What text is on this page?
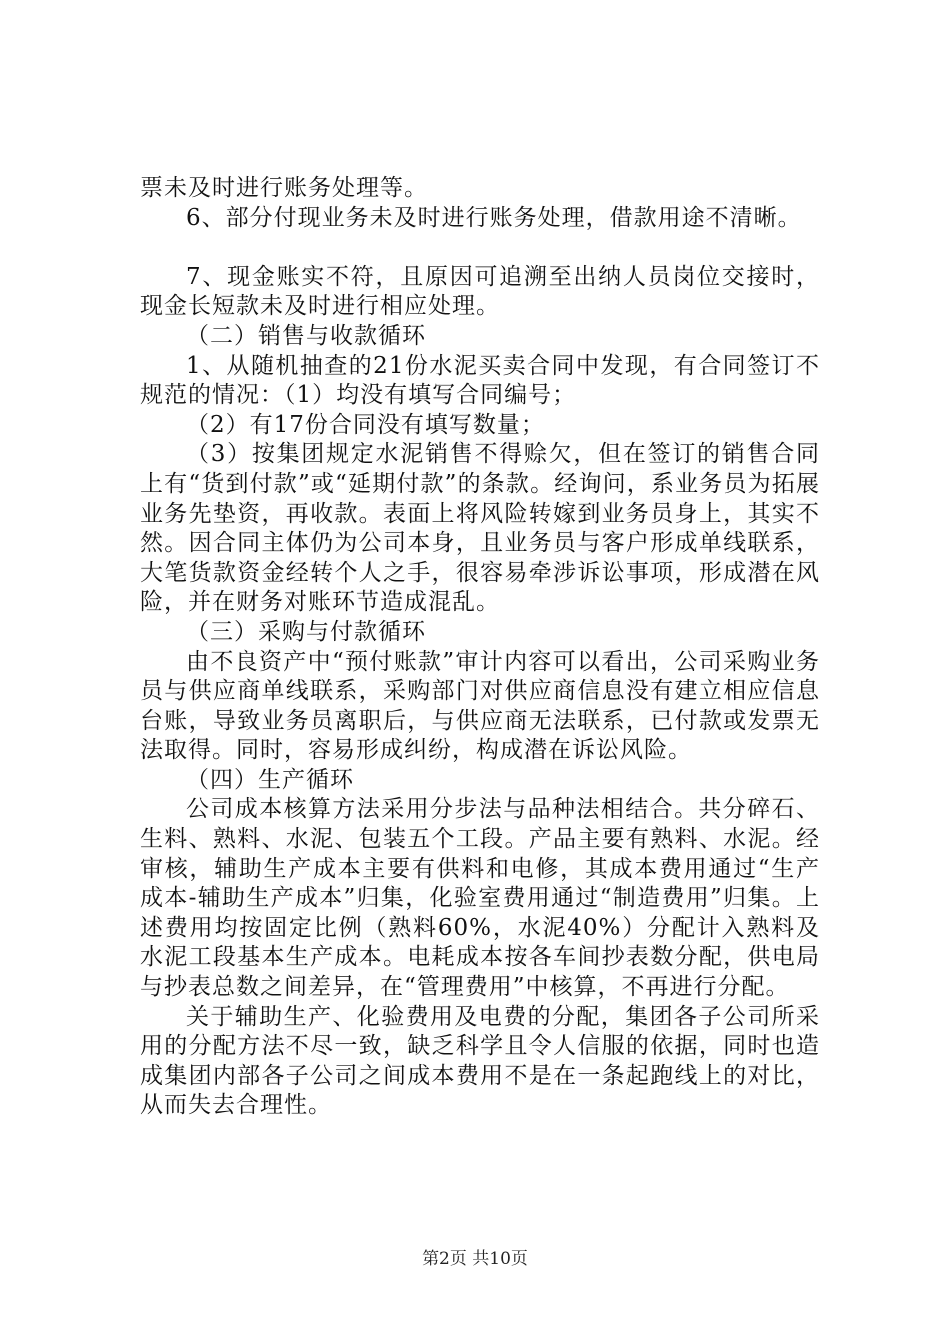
票未及时进行账务处理等。

6、部分付现业务未及时进行账务处理，借款用途不清晰。

7、现金账实不符，且原因可追溯至出纳人员岗位交接时，现金长短款未及时进行相应处理。

（二）销售与收款循环

1、从随机抽查的21份水泥买卖合同中发现，有合同签订不规范的情况：（1）均没有填写合同编号；

（2）有17份合同没有填写数量；

（3）按集团规定水泥销售不得赊欠，但在签订的销售合同上有“货到付款”或“延期付款”的条款。经询问，系业务员为拓展业务先垫资，再收款。表面上将风险转嫁到业务员身上，其实不然。因合同主体仍为公司本身，且业务员与客户形成单线联系，大笔货款资金经转个人之手，很容易牵涉诉讼事项，形成潜在风险，并在财务对账环节造成混乱。

（三）采购与付款循环

由不良资产中“预付账款”审计内容可以看出，公司采购业务员与供应商单线联系，采购部门对供应商信息没有建立相应信息台账，导致业务员离职后，与供应商无法联系，已付款或发票无法取得。同时，容易形成纠纷，构成潜在诉讼风险。

（四）生产循环

公司成本核算方法采用分步法与品种法相结合。共分碎石、生料、熟料、水泥、包装五个工段。产品主要有熟料、水泥。经审核，辅助生产成本主要有供料和电修，其成本费用通过“生产成本-辅助生产成本”归集，化验室费用通过“制造费用”归集。上述费用均按固定比例（熟料60%，水泥40%）分配计入熟料及水泥工段基本生产成本。电耗成本按各车间抄表数分配，供电局与抄表总数之间差异，在“管理费用”中核算，不再进行分配。

关于辅助生产、化验费用及电费的分配，集团各子公司所采用的分配方法不尽一致，缺乏科学且令人信服的依据，同时也造成集团内部各子公司之间成本费用不是在一条起跑线上的对比，从而失去合理性。

第2页 共10页
